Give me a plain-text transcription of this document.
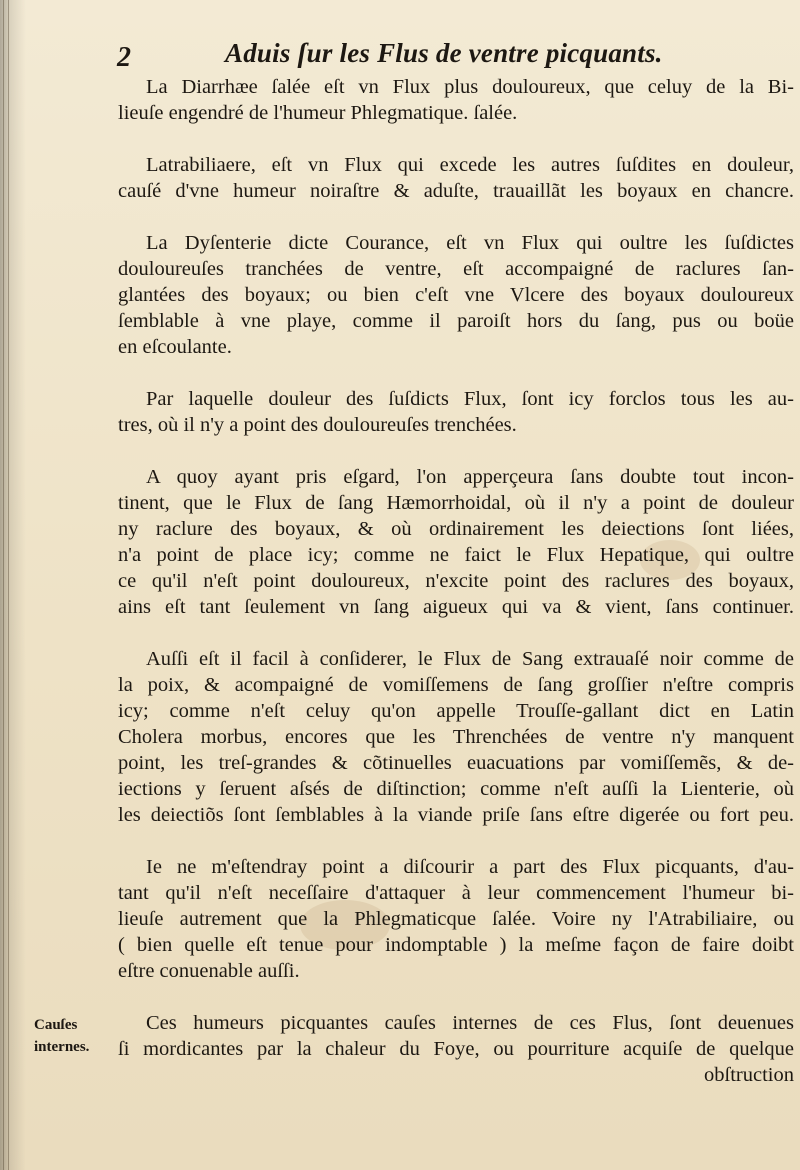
2	Aduis ſur les Flus de ventre picquants.

La Diarrhæe ſalée eſt vn Flux plus douloureux, que celuy de la Bi-
lieuſe engendré de l'humeur Phlegmatique. ſalée.

Latrabiliaere, eſt vn Flux qui excede les autres ſuſdites en douleur,
cauſé d'vne humeur noiraſtre & aduſte, trauaillãt les boyaux en chancre.

La Dyſenterie dicte Courance, eſt vn Flux qui oultre les ſuſdictes
douloureuſes tranchées de ventre, eſt accompaigné de raclures ſan-
glantées des boyaux; ou bien c'eſt vne Vlcere des boyaux douloureux
ſemblable à vne playe, comme il paroiſt hors du ſang, pus ou boüe
en eſcoulante.

Par laquelle douleur des ſuſdicts Flux, ſont icy forclos tous les au-
tres, où il n'y a point des douloureuſes trenchées.

A quoy ayant pris eſgard, l'on apperçeura ſans doubte tout incon-
tinent, que le Flux de ſang Hæmorrhoidal, où il n'y a point de douleur
ny raclure des boyaux, & où ordinairement les deiections ſont liées,
n'a point de place icy; comme ne faict le Flux Hepatique, qui oultre
ce qu'il n'eſt point douloureux, n'excite point des raclures des boyaux,
ains eſt tant ſeulement vn ſang aigueux qui va & vient, ſans continuer.

Auſſi eſt il facil à conſiderer, le Flux de Sang extrauaſé noir comme de
la poix, & acompaigné de vomiſſemens de ſang groſſier n'eſtre compris
icy; comme n'eſt celuy qu'on appelle Trouſſe-gallant dict en Latin
Cholera morbus, encores que les Threnchées de ventre n'y manquent
point, les treſ-grandes & cõtinuelles euacuations par vomiſſemẽs, & de-
iections y ſeruent aſsés de diſtinction; comme n'eſt auſſi la Lienterie, où
les deiectiõs ſont ſemblables à la viande priſe ſans eſtre digerée ou fort peu.

Ie ne m'eſtendray point a diſcourir a part des Flux picquants, d'au-
tant qu'il n'eſt neceſſaire d'attaquer à leur commencement l'humeur bi-
lieuſe autrement que la Phlegmaticque ſalée. Voire ny l'Atrabiliaire, ou
( bien quelle eſt tenue pour indomptable ) la meſme façon de faire doibt
eſtre conuenable auſſi.

Ces humeurs picquantes cauſes internes de ces Flus, ſont deuenues
ſi mordicantes par la chaleur du Foye, ou pourriture acquiſe de quelque
obſtruction

Cauſes
internes.
